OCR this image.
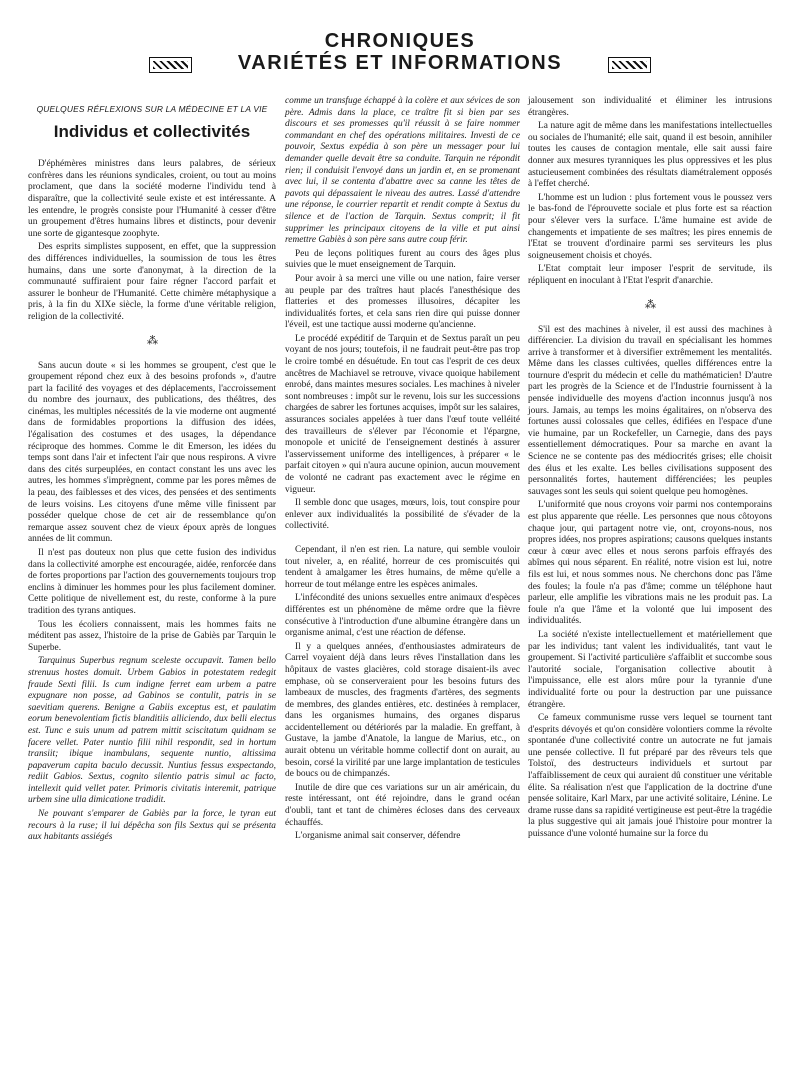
CHRONIQUES
VARIÉTÉS ET INFORMATIONS
QUELQUES RÉFLEXIONS SUR LA MÉDECINE ET LA VIE
Individus et collectivités

D'éphémères ministres dans leurs palabres, de sérieux confrères dans les réunions syndicales, croient, ou tout au moins proclament, que dans la société moderne l'individu tend à disparaître, que la collectivité seule existe et est intéressante. A les entendre, le progrès consiste pour l'Humanité à cesser d'être un groupement d'êtres humains libres et distincts, pour devenir une sorte de gigantesque zoophyte.

Des esprits simplistes supposent, en effet, que la suppression des différences individuelles, la soumission de tous les êtres humains, dans une sorte d'anonymat, à la direction de la communauté suffiraient pour faire régner l'accord parfait et assurer le bonheur de l'Humanité. Cette chimère métaphysique a pris, à la fin du XIXe siècle, la forme d'une véritable religion, religion de la collectivité.

⁂

Sans aucun doute « si les hommes se groupent, c'est que le groupement répond chez eux à des besoins profonds », d'autre part la facilité des voyages et des déplacements, l'accroissement du nombre des journaux, des publications, des théâtres, des cinémas, les multiples nécessités de la vie moderne ont augmenté dans de formidables proportions la diffusion des idées, l'égalisation des costumes et des usages, la dépendance réciproque des hommes. Comme le dit Emerson, les idées du temps sont dans l'air et infectent l'air que nous respirons. A vivre dans des cités surpeuplées, en contact constant les uns avec les autres, les hommes s'imprègnent, comme par les pores mêmes de la peau, des faiblesses et des vices, des pensées et des sentiments de leurs voisins. Les citoyens d'une même ville finissent par posséder quelque chose de cet air de ressemblance qu'on remarque assez souvent chez de vieux époux après de longues années de lit commun.

Il n'est pas douteux non plus que cette fusion des individus dans la collectivité amorphe est encouragée, aidée, renforcée dans de fortes proportions par l'action des gouvernements toujours trop enclins à diminuer les hommes pour les plus facilement dominer. Cette politique de nivellement est, du reste, conforme à la pure tradition des tyrans antiques.

Tous les écoliers connaissent, mais les hommes faits ne méditent pas assez, l'histoire de la prise de Gabiès par Tarquin le Superbe.

Tarquinus Superbus regnum sceleste occupavit. Tamen bello strenuus hostes domuit. Urbem Gabios in potestatem redegit fraude Sexti filii. Is cum indigne ferret eam urbem a patre expugnare non posse, ad Gabinos se contulit, patris in se saevitiam querens. Benigne a Gabiis exceptus est, et paulatim eorum benevolentiam fictis blanditiis alliciendo, dux belli electus est. Tunc e suis unum ad patrem mittit sciscitatum quidnam se facere vellet. Pater nuntio filii nihil respondit, sed in hortum transiit; ibique inambulans, sequente nuntio, altissima papaverum capita baculo decussit. Nuntius fessus exspectando, rediit Gabios. Sextus, cognito silentio patris simul ac facto, intellexit quid vellet pater. Primoris civitatis interemit, patrique urbem sine ulla dimicatione tradidit.

Ne pouvant s'emparer de Gabiès par la force, le tyran eut recours à la ruse; il lui dépêcha son fils Sextus qui se présenta aux habitants assiégés

comme un transfuge échappé à la colère et aux sévices de son père. Admis dans la place, ce traître fit si bien par ses discours et ses promesses qu'il réussit à se faire nommer commandant en chef des opérations militaires. Investi de ce pouvoir, Sextus expédia à son père un messager pour lui demander quelle devait être sa conduite. Tarquin ne répondit rien; il conduisit l'envoyé dans un jardin et, en se promenant avec lui, il se contenta d'abattre avec sa canne les têtes de pavots qui dépassaient le niveau des autres. Lassé d'attendre une réponse, le courrier repartit et rendit compte à Sextus du silence et de l'action de Tarquin. Sextus comprit; il fit supprimer les principaux citoyens de la ville et put ainsi remettre Gabiès à son père sans autre coup férir.

Peu de leçons politiques furent au cours des âges plus suivies que le muet enseignement de Tarquin.

Pour avoir à sa merci une ville ou une nation, faire verser au peuple par des traîtres haut placés l'anesthésique des flatteries et des promesses illusoires, décapiter les individualités fortes, et cela sans rien dire qui puisse donner l'éveil, est une tactique aussi moderne qu'ancienne.

Le procédé expéditif de Tarquin et de Sextus paraît un peu voyant de nos jours; toutefois, il ne faudrait peut-être pas trop le croire tombé en désuétude. En tout cas l'esprit de ces deux ancêtres de Machiavel se retrouve, vivace quoique habilement enrobé, dans maintes mesures sociales. Les machines à niveler sont nombreuses : impôt sur le revenu, lois sur les successions chargées de sabrer les fortunes acquises, impôt sur les salaires, assurances sociales appelées à tuer dans l'œuf toute velléité des travailleurs de s'élever par l'économie et l'épargne, monopole et unicité de l'enseignement destinés à assurer l'asservissement uniforme des intelligences, à préparer « le parfait citoyen » qui n'aura aucune opinion, aucun mouvement de volonté ne cadrant pas exactement avec le régime en vigueur.

Il semble donc que usages, mœurs, lois, tout conspire pour enlever aux individualités la possibilité de s'évader de la collectivité.

Cependant, il n'en est rien. La nature, qui semble vouloir tout niveler, a, en réalité, horreur de ces promiscuités qui tendent à amalgamer les êtres humains, de même qu'elle a horreur de tout mélange entre les espèces animales.

L'infécondité des unions sexuelles entre animaux d'espèces différentes est un phénomène de même ordre que la fièvre consécutive à l'introduction d'une albumine étrangère dans un organisme animal, c'est une réaction de défense.

Il y a quelques années, d'enthousiastes admirateurs de Carrel voyaient déjà dans leurs rêves l'installation dans les hôpitaux de vastes glacières, cold storage disaient-ils avec emphase, où se conserveraient pour les besoins futurs des lambeaux de muscles, des fragments d'artères, des segments de membres, des glandes entières, etc. destinées à remplacer, dans les organismes humains, des organes disparus accidentellement ou détériorés par la maladie. En greffant, à Gustave, la jambe d'Anatole, la langue de Marius, etc., on aurait obtenu un véritable homme collectif dont on aurait, au besoin, corsé la virilité par une large implantation de testicules de boucs ou de chimpanzés.

Inutile de dire que ces variations sur un air américain, du reste intéressant, ont été rejoindre, dans le grand océan d'oubli, tant et tant de chimères écloses dans des cerveaux échauffés.

L'organisme animal sait conserver, défendre

jalousement son individualité et éliminer les intrusions étrangères.

La nature agit de même dans les manifestations intellectuelles ou sociales de l'humanité; elle sait, quand il est besoin, annihiler toutes les causes de contagion mentale, elle sait aussi faire donner aux mesures tyranniques les plus oppressives et les plus astucieusement combinées des résultats diamétralement opposés à l'effet cherché.

L'homme est un ludion : plus fortement vous le poussez vers le bas-fond de l'éprouvette sociale et plus forte est sa réaction pour s'élever vers la surface. L'âme humaine est avide de changements et impatiente de ses maîtres; les pires ennemis de l'Etat se trouvent d'ordinaire parmi ses serviteurs les plus soigneusement choisis et choyés.

L'Etat comptait leur imposer l'esprit de servitude, ils répliquent en inoculant à l'Etat l'esprit d'anarchie.

⁂

S'il est des machines à niveler, il est aussi des machines à différencier. La division du travail en spécialisant les hommes arrive à transformer et à diversifier extrêmement les mentalités. Même dans les classes cultivées, quelles différences entre la tournure d'esprit du médecin et celle du mathématicien! D'autre part les progrès de la Science et de l'Industrie fournissent à la pensée individuelle des moyens d'action inconnus jusqu'à nos jours. Jamais, au temps les moins égalitaires, on n'observa des fortunes aussi colossales que celles, édifiées en l'espace d'une vie humaine, par un Rockefeller, un Carnegie, dans des pays essentiellement démocratiques. Pour sa marche en avant la Science ne se contente pas des médiocrités grises; elle choisit des élus et les exalte. Les belles civilisations supposent des personnalités fortes, hautement différenciées; les peuples sauvages sont les seuls qui soient quelque peu homogènes.

L'uniformité que nous croyons voir parmi nos contemporains est plus apparente que réelle. Les personnes que nous côtoyons chaque jour, qui partagent notre vie, ont, croyons-nous, nos propres idées, nos propres aspirations; causons quelques instants cœur à cœur avec elles et nous serons parfois effrayés des abîmes qui nous séparent. En réalité, notre vision est lui, notre fils est lui, et nous sommes nous. Ne cherchons donc pas l'âme des foules; la foule n'a pas d'âme; comme un téléphone haut parleur, elle amplifie les vibrations mais ne les produit pas. La foule n'a que l'âme et la volonté que lui imposent des individualités.

La société n'existe intellectuellement et matériellement que par les individus; tant valent les individualités, tant vaut le groupement. Si l'activité particulière s'affaiblit et succombe sous l'autorité sociale, l'organisation collective aboutit à l'impuissance, elle est alors mûre pour la tyrannie d'une individualité forte ou pour la destruction par une puissance étrangère.

Ce fameux communisme russe vers lequel se tournent tant d'esprits dévoyés et qu'on considère volontiers comme la révolte spontanée d'une collectivité contre un autocrate ne fut jamais une pensée collective. Il fut préparé par des rêveurs tels que Tolstoï, des destructeurs individuels et surtout par l'affaiblissement de ceux qui auraient dû constituer une véritable élite. Sa réalisation n'est que l'application de la doctrine d'une pensée solitaire, Karl Marx, par une activité solitaire, Lénine. Le drame russe dans sa rapidité vertigineuse est peut-être la tragédie la plus suggestive qui ait jamais joué l'histoire pour montrer la puissance d'une volonté humaine sur la force du
